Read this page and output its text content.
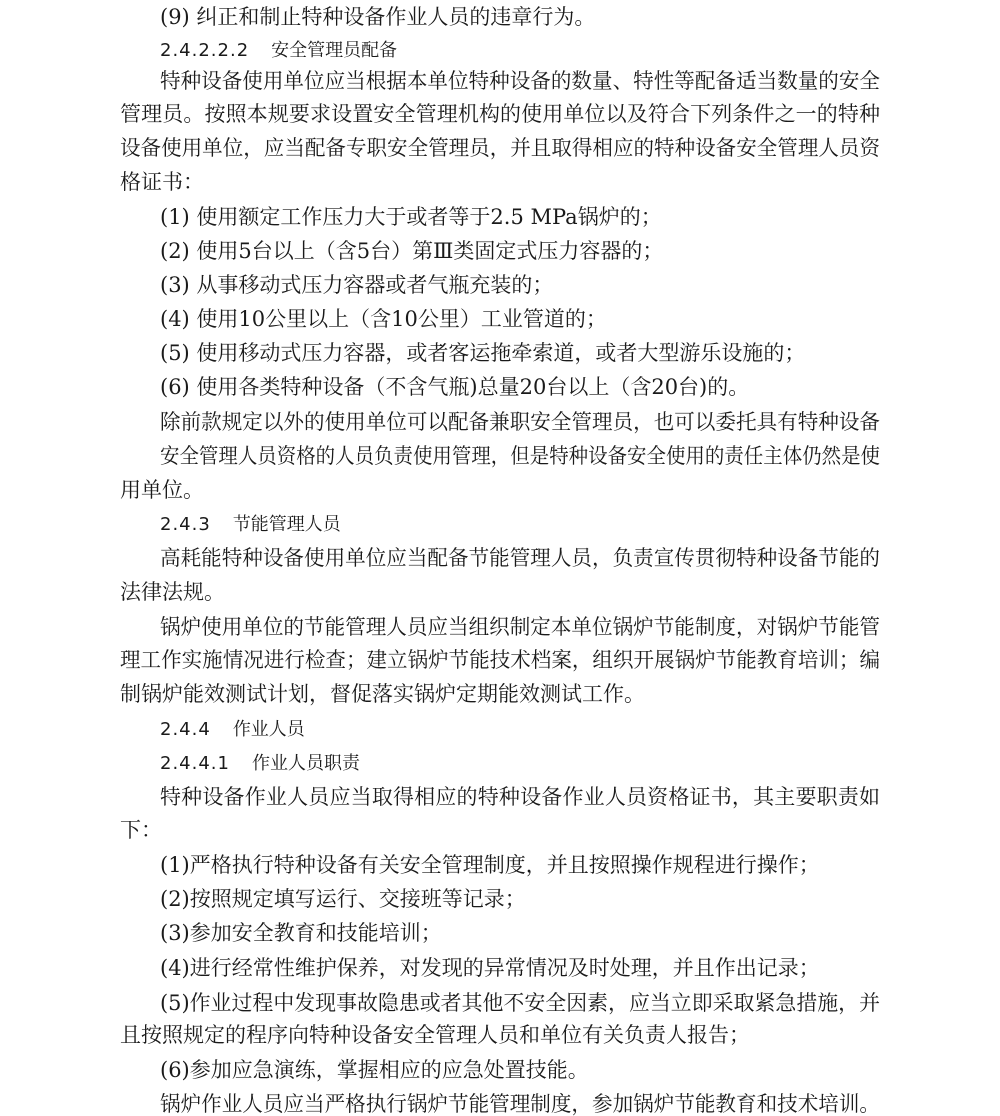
(9) 纠正和制止特种设备作业人员的违章行为。
2.4.2.2.2 安全管理员配备
特种设备使用单位应当根据本单位特种设备的数量、特性等配备适当数量的安全
管理员。按照本规要求设置安全管理机构的使用单位以及符合下列条件之一的特种
设备使用单位，应当配备专职安全管理员，并且取得相应的特种设备安全管理人员资
格证书：
(1) 使用额定工作压力大于或者等于2.5 MPa锅炉的；
(2) 使用5台以上（含5台）第Ⅲ类固定式压力容器的；
(3) 从事移动式压力容器或者气瓶充装的；
(4) 使用10公里以上（含10公里）工业管道的；
(5) 使用移动式压力容器，或者客运拖牵索道，或者大型游乐设施的；
(6) 使用各类特种设备（不含气瓶)总量20台以上（含20台)的。
除前款规定以外的使用单位可以配备兼职安全管理员，也可以委托具有特种设备
安全管理人员资格的人员负责使用管理，但是特种设备安全使用的责任主体仍然是使
用单位。
2.4.3 节能管理人员
高耗能特种设备使用单位应当配备节能管理人员，负责宣传贯彻特种设备节能的
法律法规。
锅炉使用单位的节能管理人员应当组织制定本单位锅炉节能制度，对锅炉节能管
理工作实施情况进行检查；建立锅炉节能技术档案，组织开展锅炉节能教育培训；编
制锅炉能效测试计划，督促落实锅炉定期能效测试工作。
2.4.4 作业人员
2.4.4.1 作业人员职责
特种设备作业人员应当取得相应的特种设备作业人员资格证书，其主要职责如
下：
(1)严格执行特种设备有关安全管理制度，并且按照操作规程进行操作；
(2)按照规定填写运行、交接班等记录；
(3)参加安全教育和技能培训；
(4)进行经常性维护保养，对发现的异常情况及时处理，并且作出记录；
(5)作业过程中发现事故隐患或者其他不安全因素，应当立即采取紧急措施，并
且按照规定的程序向特种设备安全管理人员和单位有关负责人报告；
(6)参加应急演练，掌握相应的应急处置技能。
锅炉作业人员应当严格执行锅炉节能管理制度，参加锅炉节能教育和技术培训。
